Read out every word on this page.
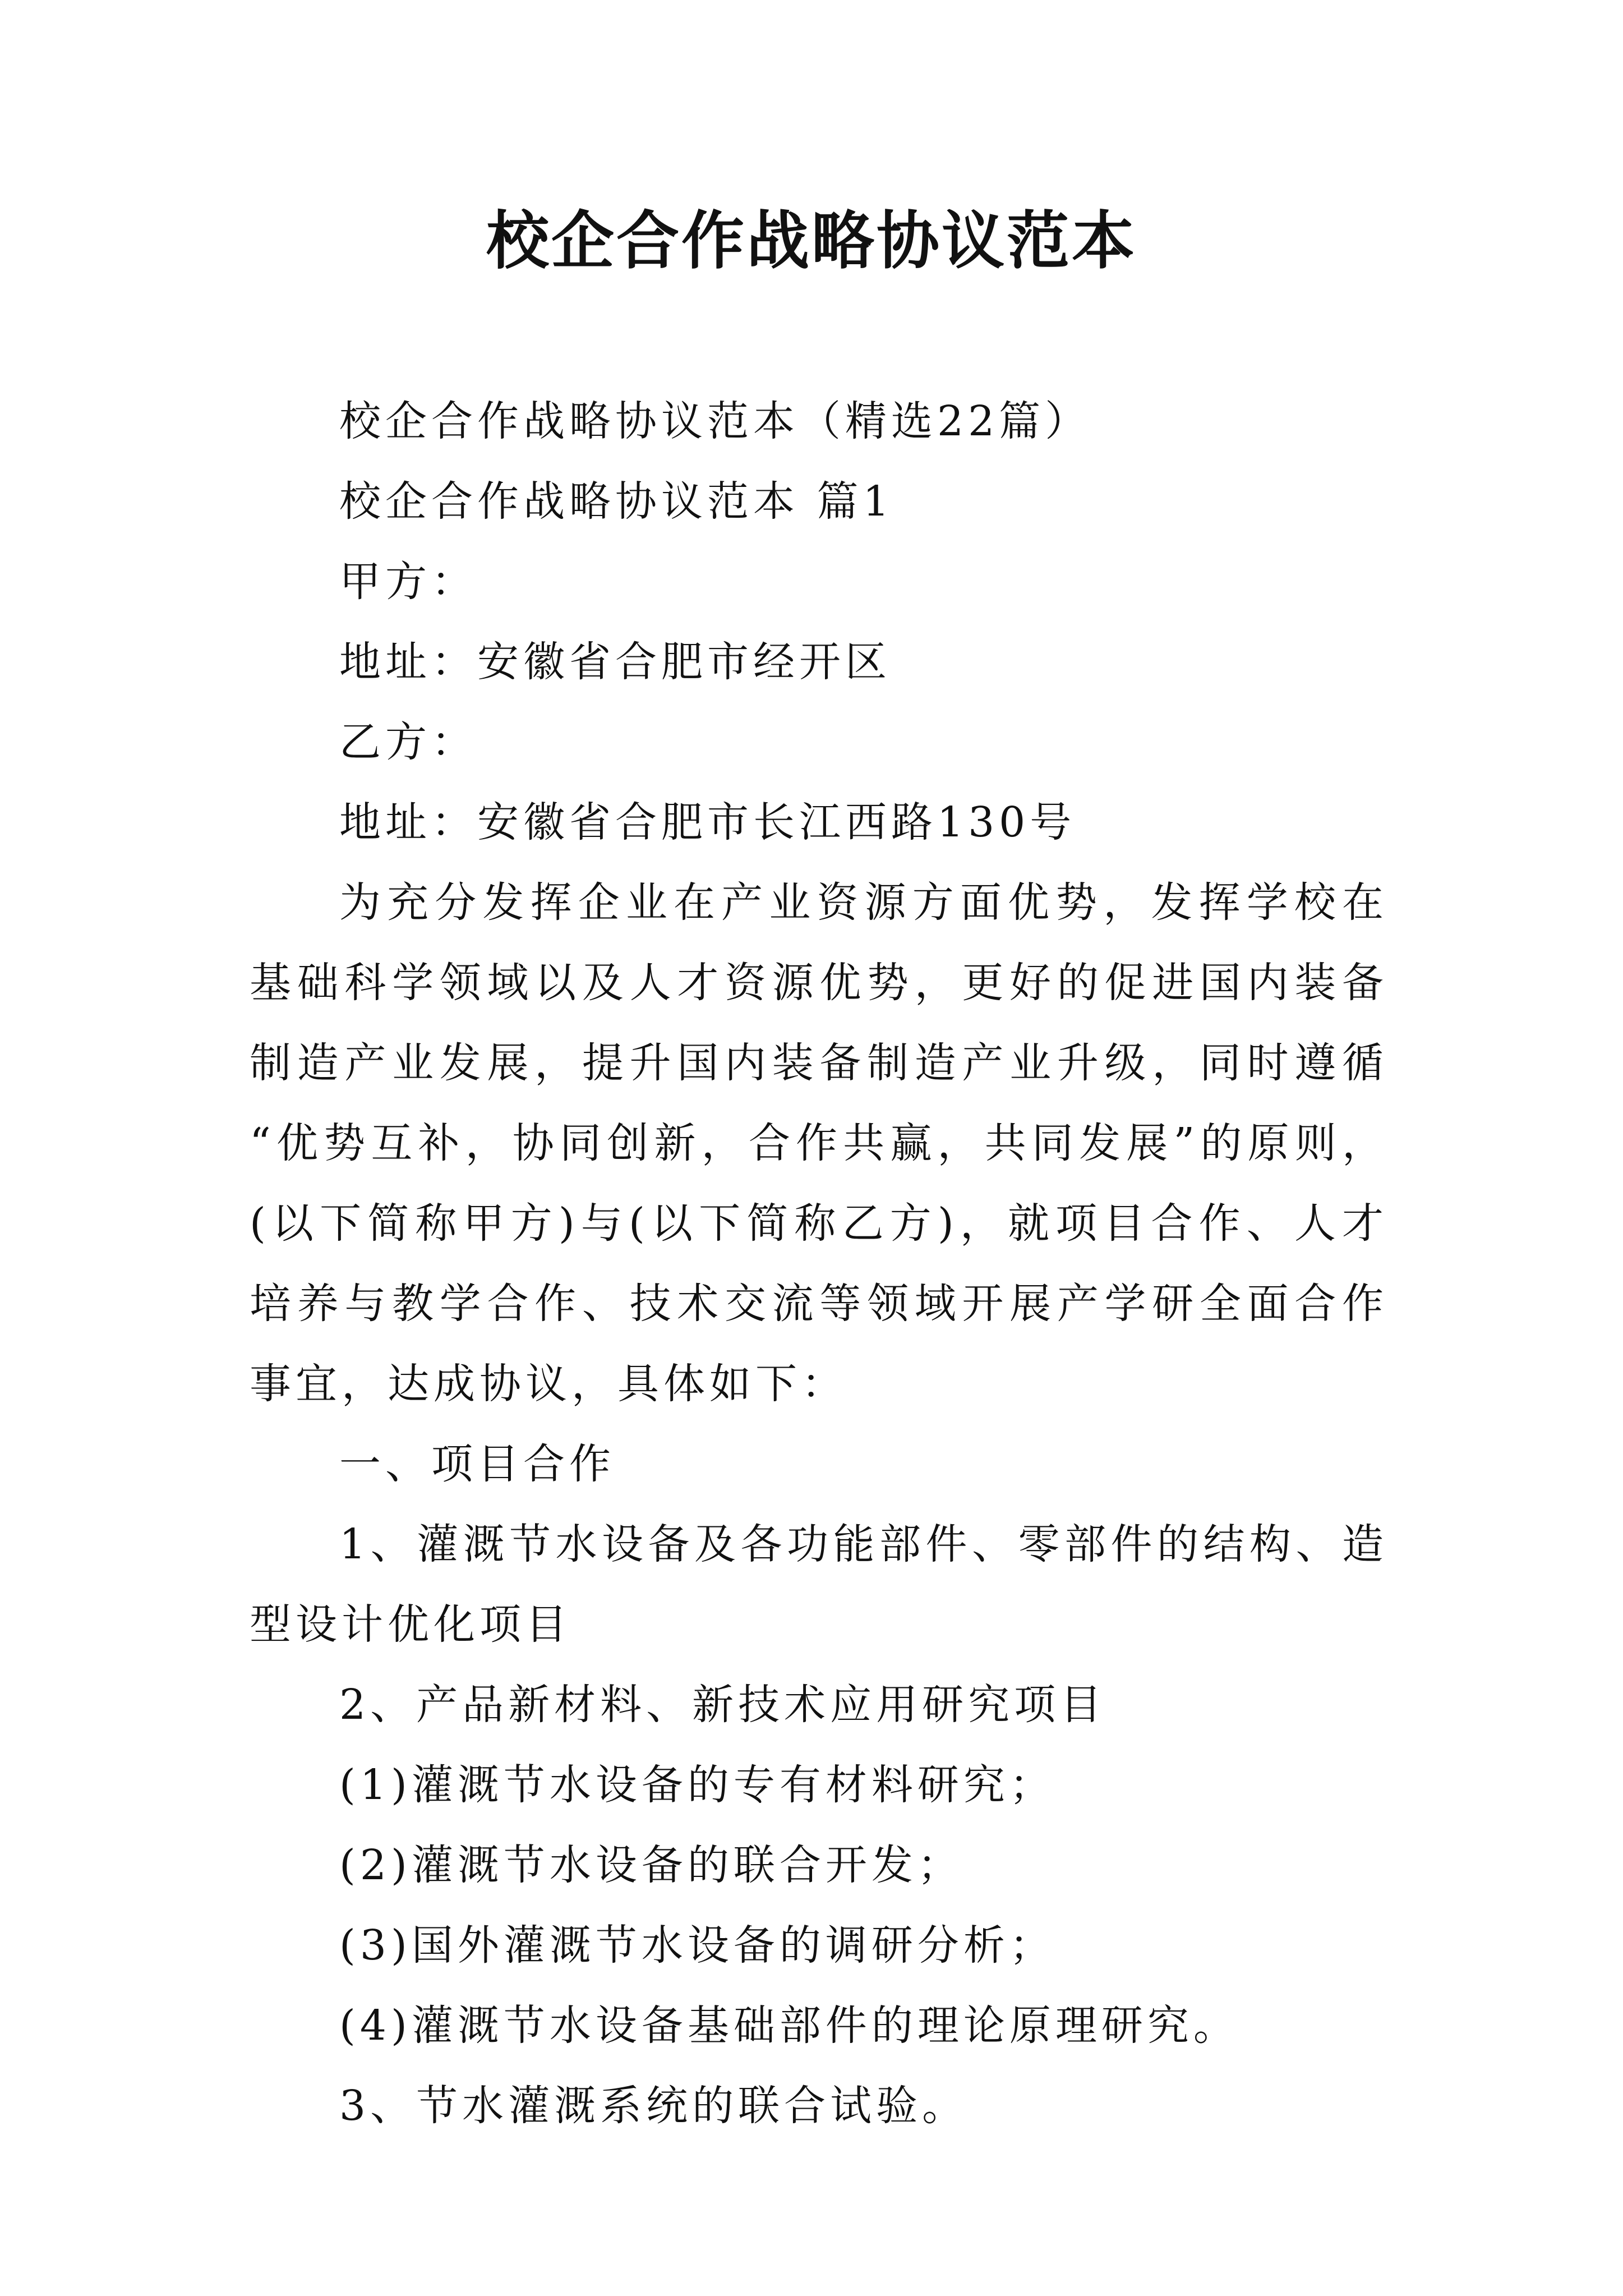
校企合作战略协议范本

校企合作战略协议范本（精选22篇）

校企合作战略协议范本 篇1

甲方：

地址：安徽省合肥市经开区

乙方：

地址：安徽省合肥市长江西路130号

为充分发挥企业在产业资源方面优势，发挥学校在基础科学领域以及人才资源优势，更好的促进国内装备制造产业发展，提升国内装备制造产业升级，同时遵循 “优势互补，协同创新，合作共赢，共同发展”的原则，(以下简称甲方)与(以下简称乙方)，就项目合作、人才培养与教学合作、技术交流等领域开展产学研全面合作事宜，达成协议，具体如下：

一、项目合作

1、灌溉节水设备及各功能部件、零部件的结构、造型设计优化项目

2、产品新材料、新技术应用研究项目

(1)灌溉节水设备的专有材料研究；

(2)灌溉节水设备的联合开发；

(3)国外灌溉节水设备的调研分析；

(4)灌溉节水设备基础部件的理论原理研究。

3、节水灌溉系统的联合试验。
